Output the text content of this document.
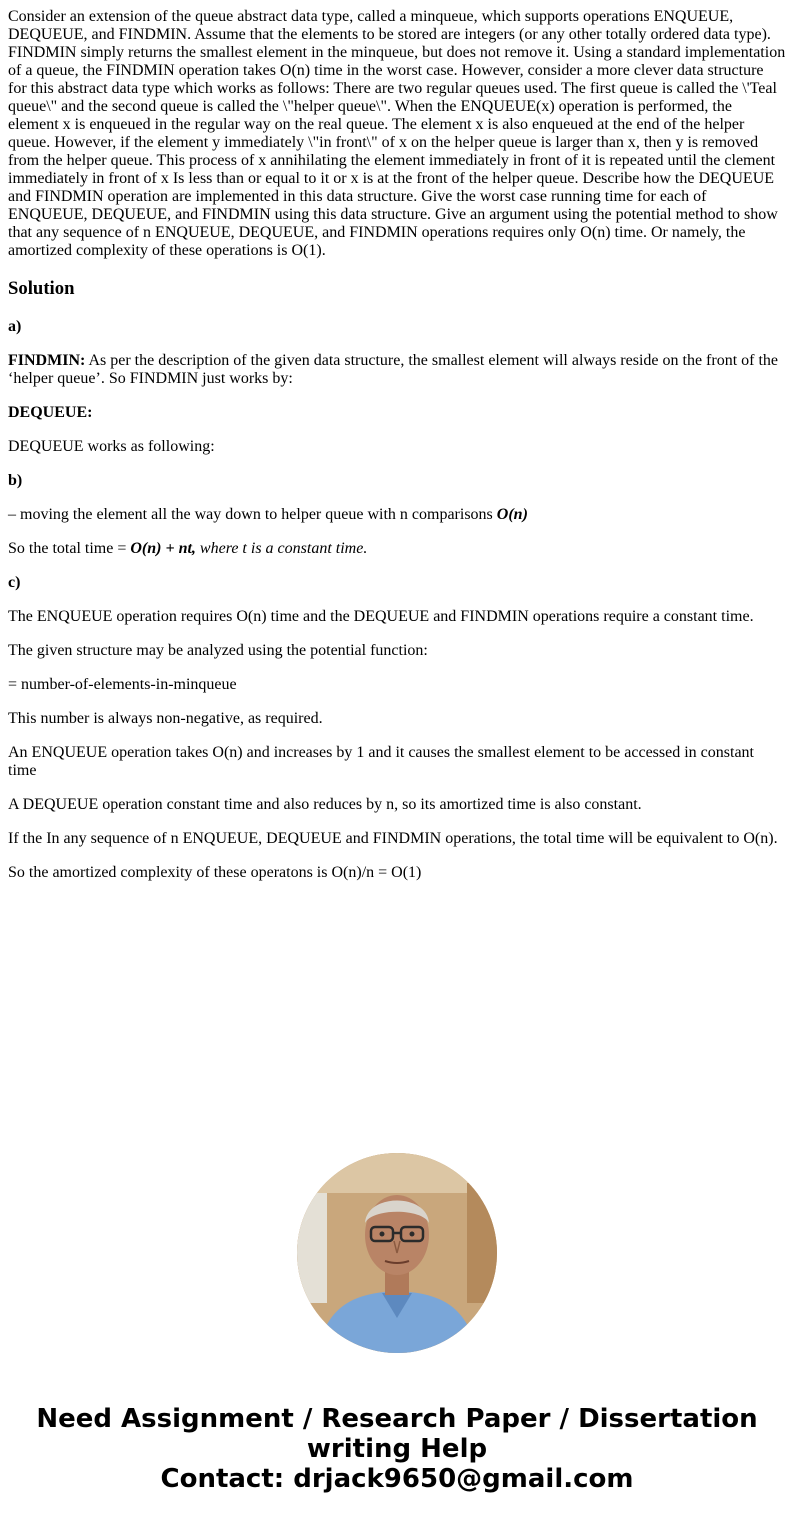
Consider an extension of the queue abstract data type, called a minqueue, which supports operations ENQUEUE, DEQUEUE, and FINDMIN. Assume that the elements to be stored are integers (or any other totally ordered data type). FINDMIN simply returns the smallest element in the minqueue, but does not remove it. Using a standard implementation of a queue, the FINDMIN operation takes O(n) time in the worst case. However, consider a more clever data structure for this abstract data type which works as follows: There are two regular queues used. The first queue is called the \'Teal queue\" and the second queue is called the \"helper queue\". When the ENQUEUE(x) operation is performed, the element x is enqueued in the regular way on the real queue. The element x is also enqueued at the end of the helper queue. However, if the element y immediately \"in front\" of x on the helper queue is larger than x, then y is removed from the helper queue. This process of x annihilating the element immediately in front of it is repeated until the clement immediately in front of x Is less than or equal to it or x is at the front of the helper queue. Describe how the DEQUEUE and FINDMIN operation are implemented in this data structure. Give the worst case running time for each of ENQUEUE, DEQUEUE, and FINDMIN using this data structure. Give an argument using the potential method to show that any sequence of n ENQUEUE, DEQUEUE, and FINDMIN operations requires only O(n) time. Or namely, the amortized complexity of these operations is O(1).

Solution

a)

FINDMIN: As per the description of the given data structure, the smallest element will always reside on the front of the ‘helper queue’. So FINDMIN just works by:

DEQUEUE:

DEQUEUE works as following:

b)

– moving the element all the way down to helper queue with n comparisons O(n)

So the total time = O(n) + nt, where t is a constant time.

c)

The ENQUEUE operation requires O(n) time and the DEQUEUE and FINDMIN operations require a constant time.

The given structure may be analyzed using the potential function:

= number-of-elements-in-minqueue

This number is always non-negative, as required.

An ENQUEUE operation takes O(n) and increases by 1 and it causes the smallest element to be accessed in constant time

A DEQUEUE operation constant time and also reduces by n, so its amortized time is also constant.

If the In any sequence of n ENQUEUE, DEQUEUE and FINDMIN operations, the total time will be equivalent to O(n).

So the amortized complexity of these operatons is O(n)/n = O(1)

Need Assignment / Research Paper / Dissertation writing Help
Contact: drjack9650@gmail.com
